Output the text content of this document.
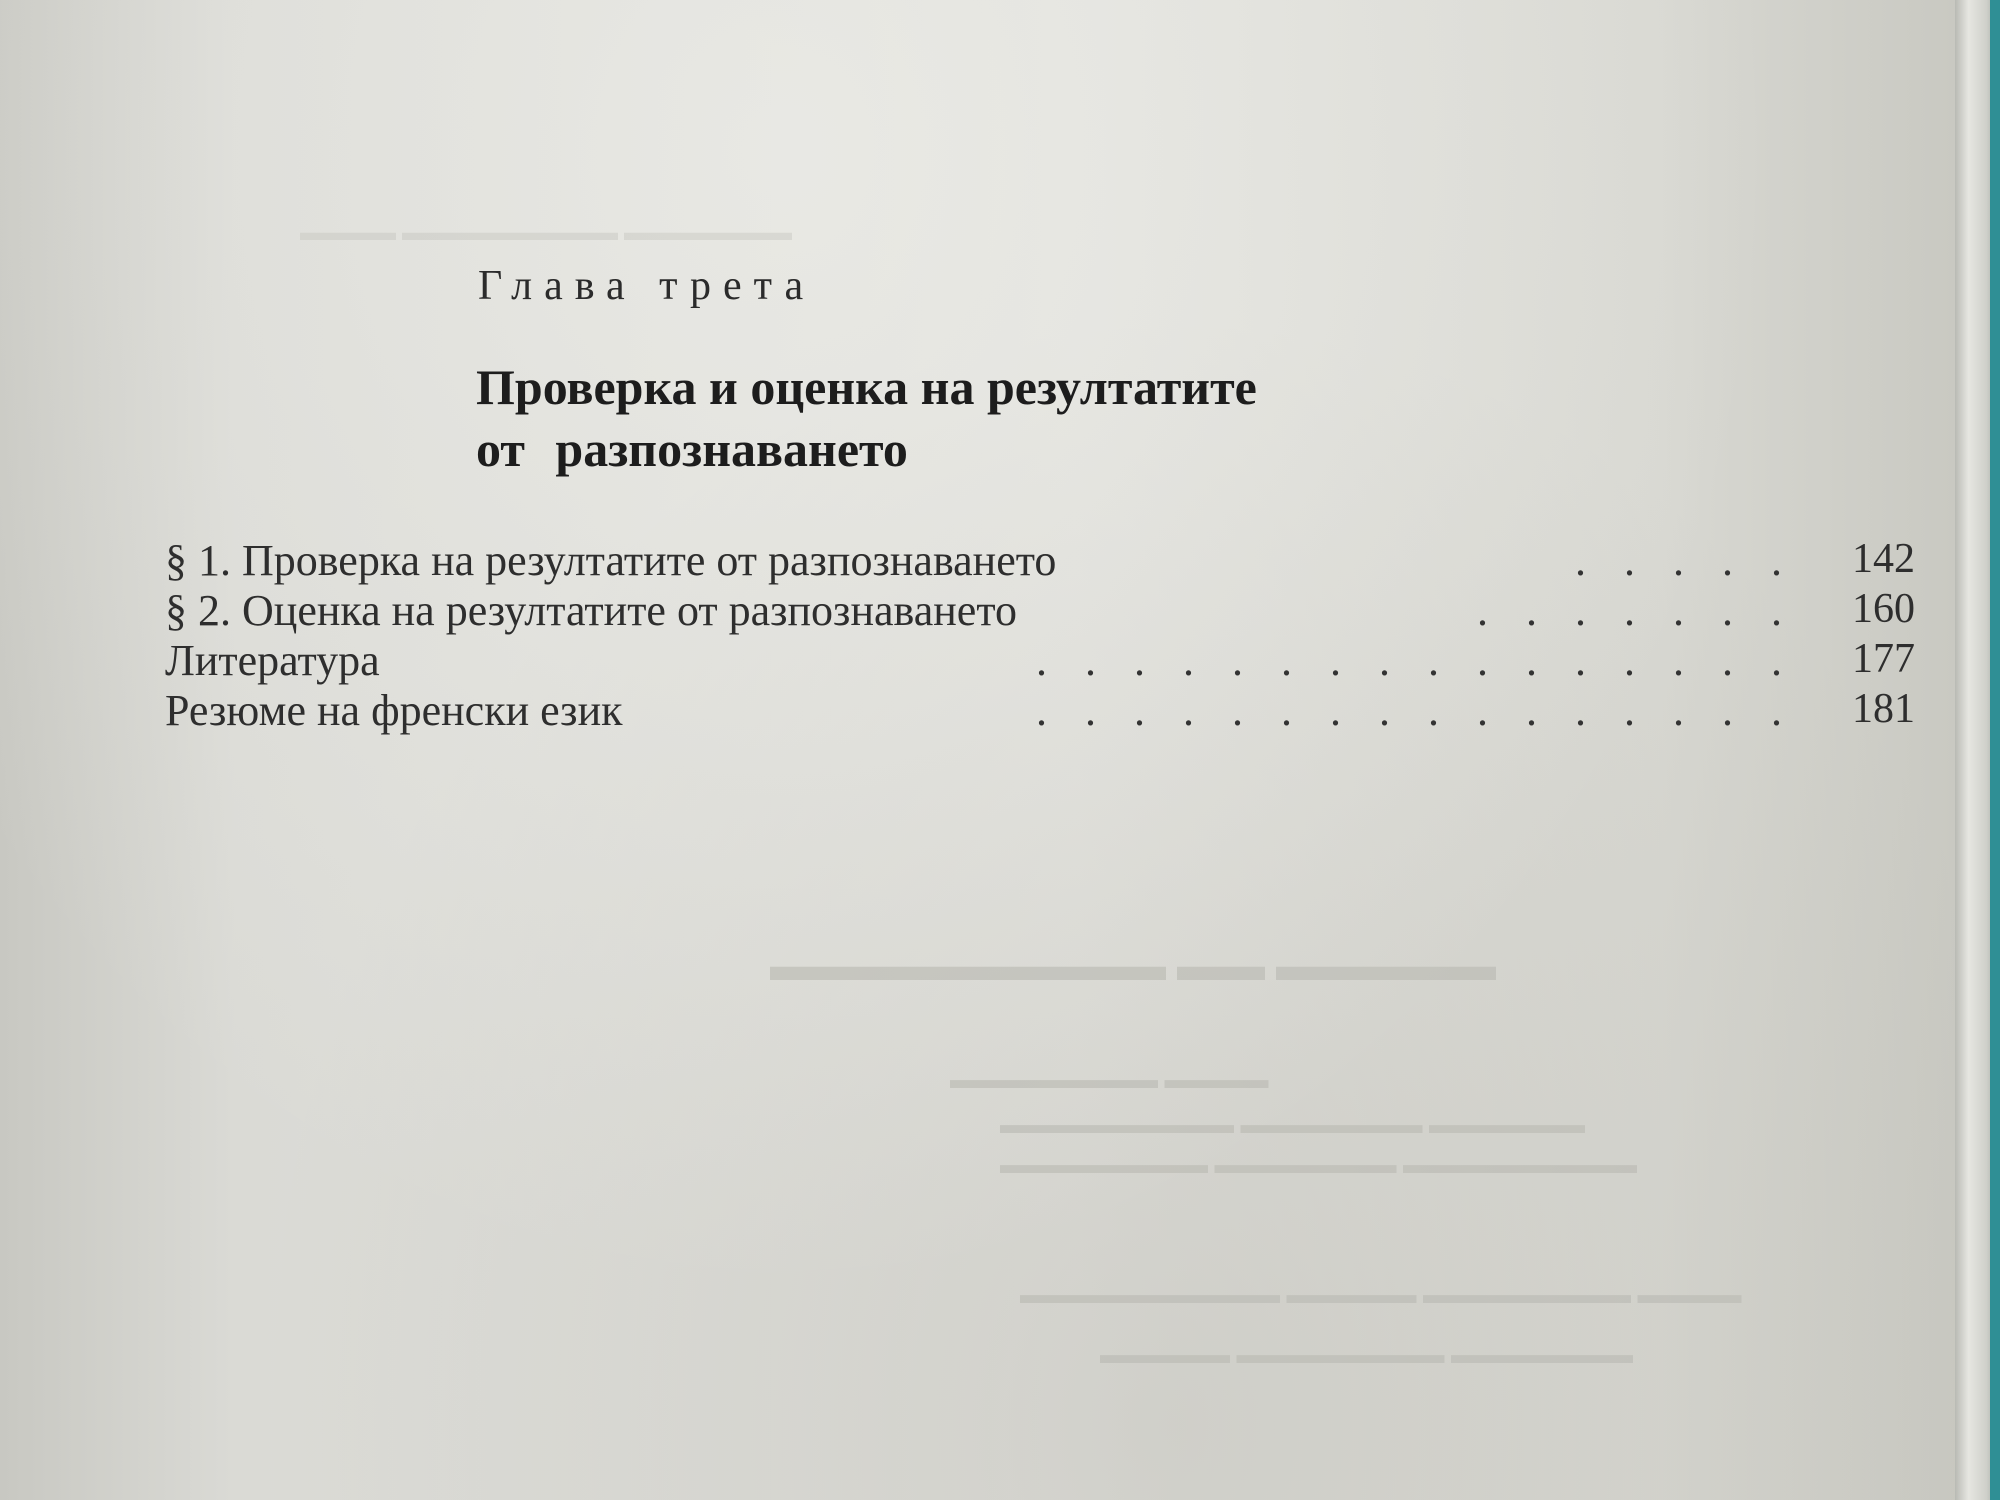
▬▬▬▬▬ ▬▬ ▬▬▬▬▬▬▬▬▬
▬▬▬▬ ▬▬▬▬▬▬▬▬
▬▬▬▬▬▬ ▬▬▬▬▬▬▬ ▬▬▬▬▬▬▬▬▬
▬▬▬▬▬▬▬▬▬ ▬▬▬▬▬▬▬ ▬▬▬▬▬▬▬▬
▬▬▬▬ ▬▬▬▬▬▬▬▬ ▬▬▬▬▬ ▬▬▬▬▬▬▬▬▬▬
▬▬▬▬▬▬▬ ▬▬▬▬▬▬▬▬ ▬▬▬▬▬
▬▬▬▬▬▬▬ ▬▬▬▬▬▬▬▬▬ ▬▬▬▬
Глава трета
Проверка и оценка на резултатите
от разпознаването
§ 1. Проверка на резултатите от разпознаването	..... 142
§ 2. Оценка на резултатите от разпознаването	....... 160
Литература	................ 177
Резюме на френски език	................ 181
